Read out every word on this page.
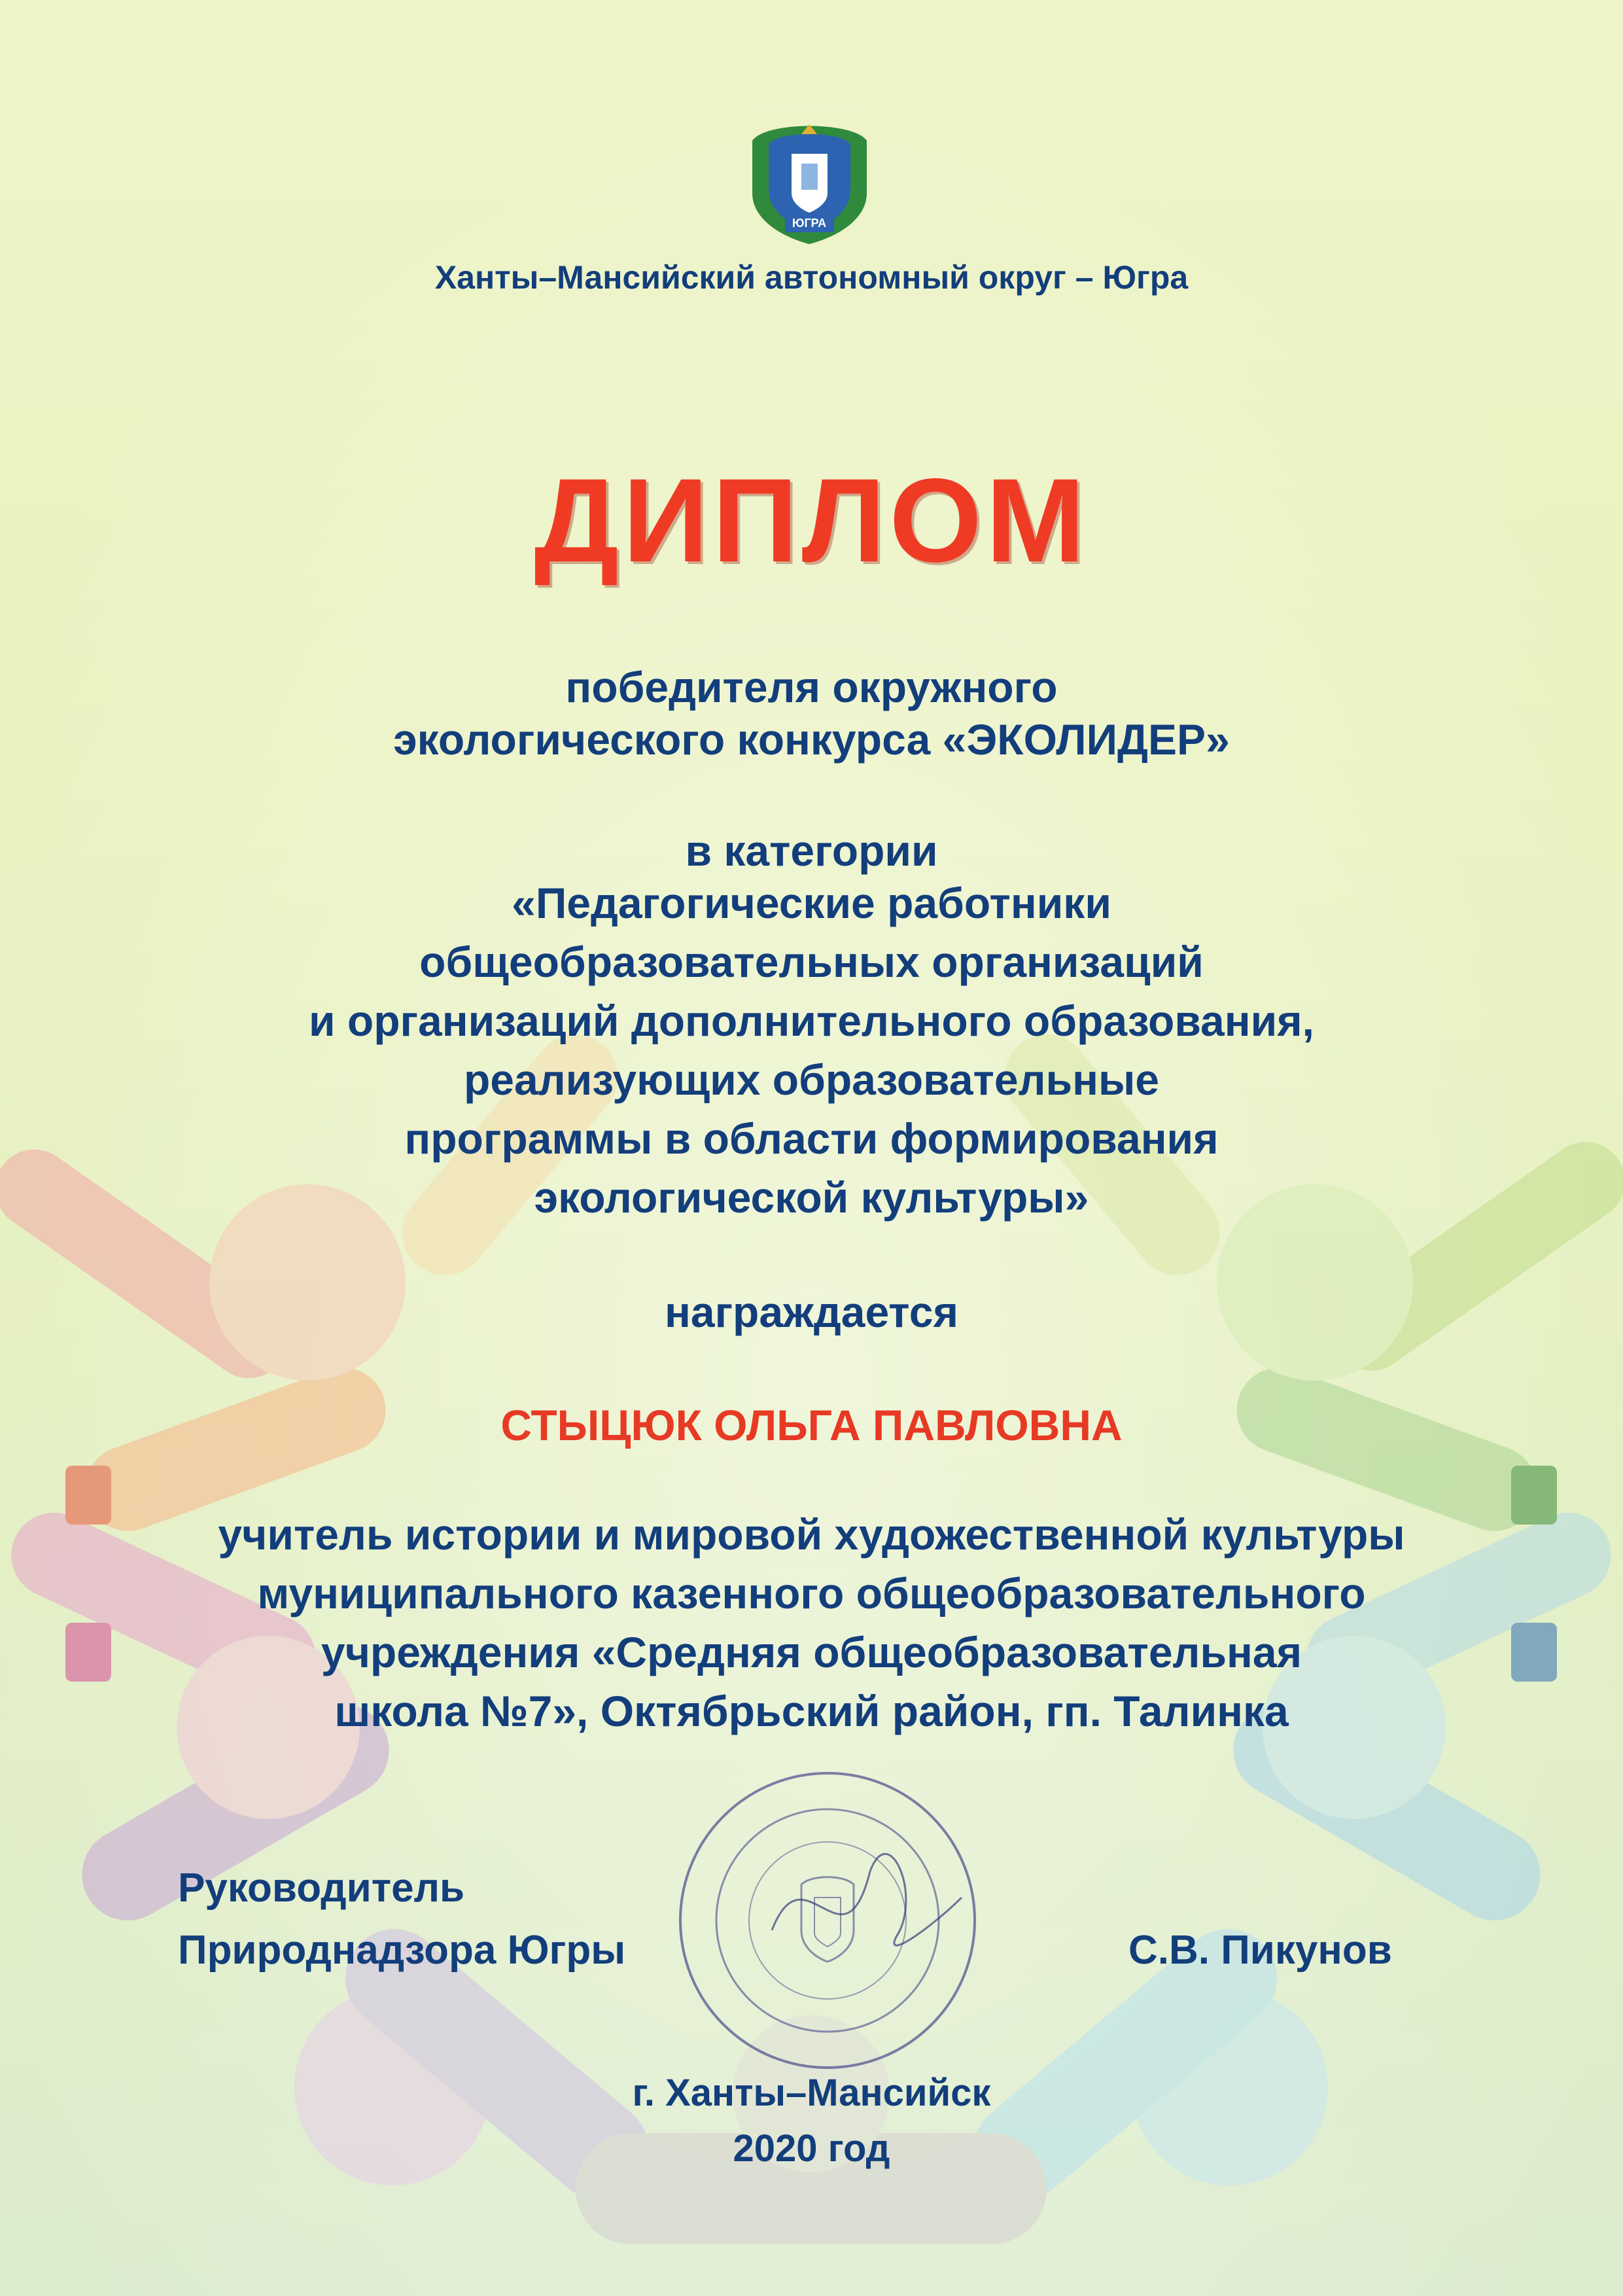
ЮГРА
Ханты–Мансийский автономный округ – Югра
ДИПЛОМ
победителя окружного
экологического конкурса «ЭКОЛИДЕР»
в категории
«Педагогические работники
общеобразовательных организаций
и организаций дополнительного образования,
реализующих образовательные
программы в области формирования
экологической культуры»
награждается
СТЫЦЮК ОЛЬГА ПАВЛОВНА
учитель истории и мировой художественной культуры
муниципального казенного общеобразовательного
учреждения «Средняя общеобразовательная
школа №7», Октябрьский район, гп. Талинка
Руководитель
Природнадзора Югры	С.В. Пикунов
г. Ханты–Мансийск
2020 год
